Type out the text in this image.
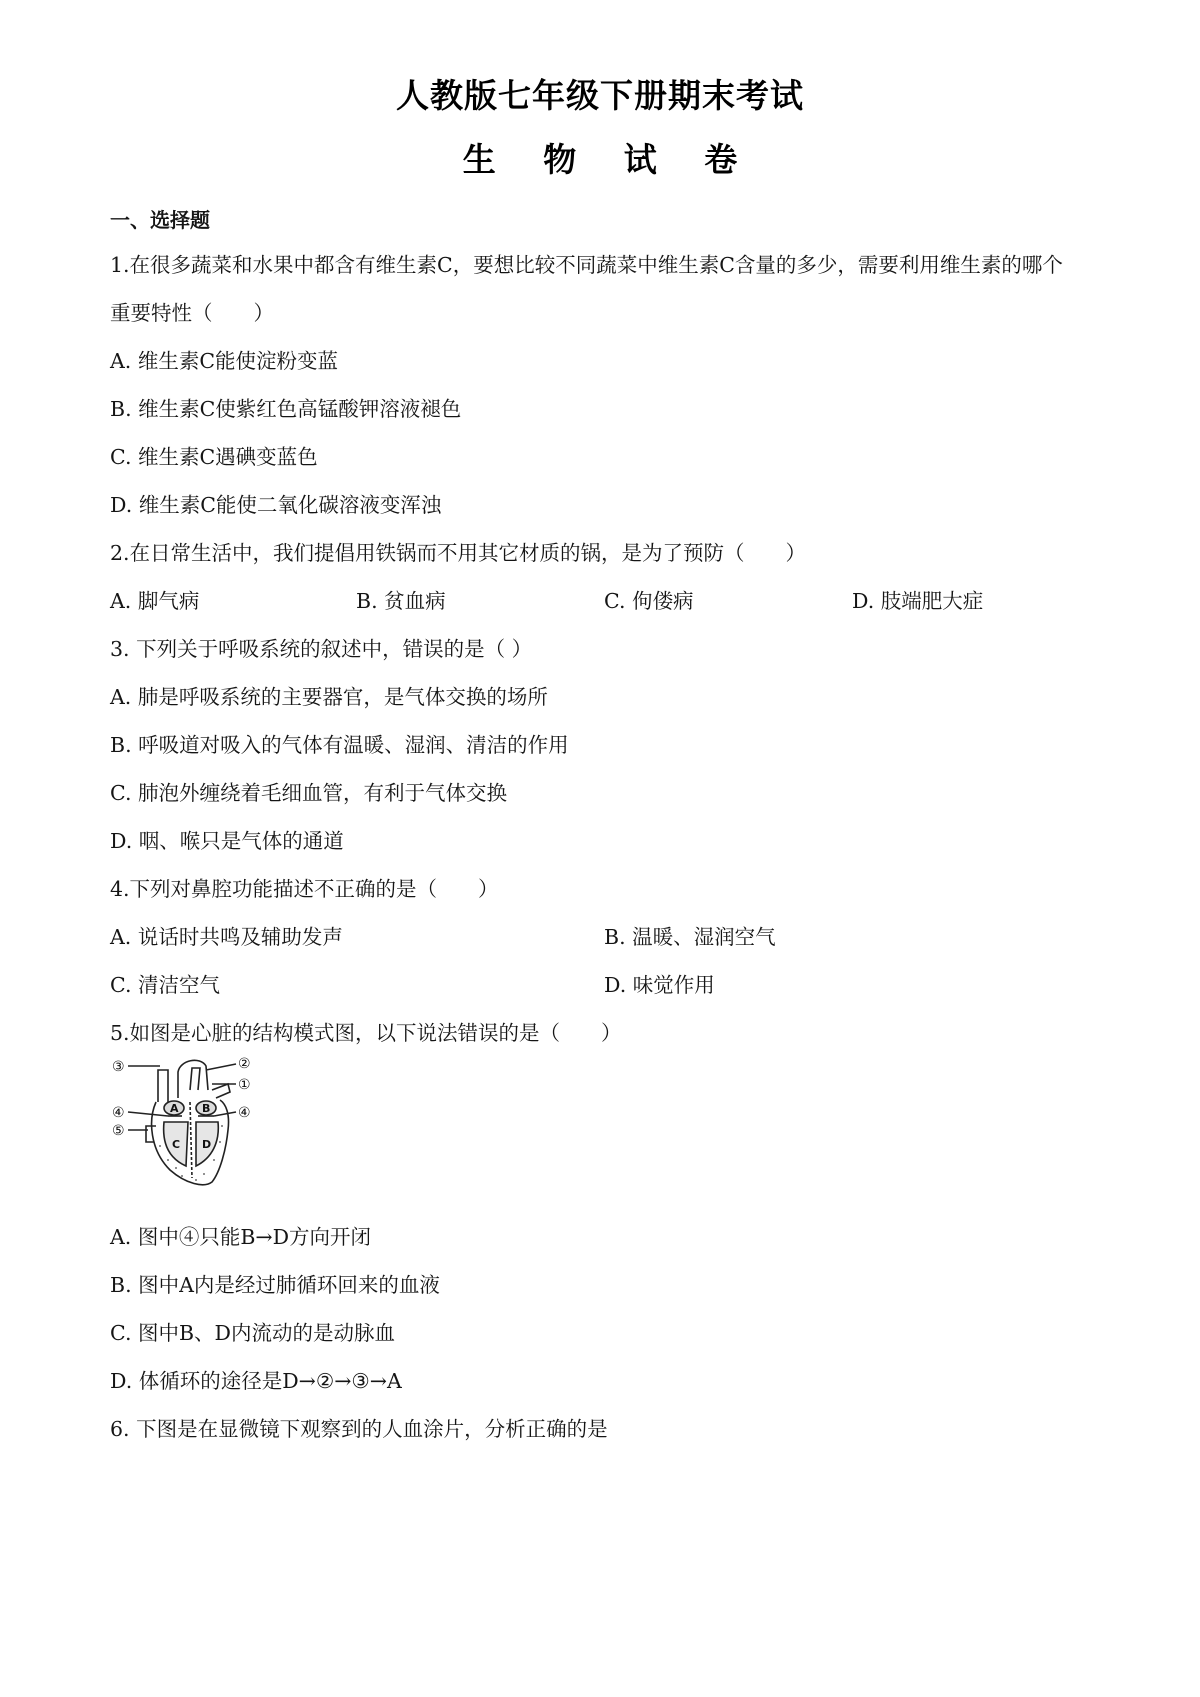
人教版七年级下册期末考试
生 物 试 卷
一、选择题
1.在很多蔬菜和水果中都含有维生素C，要想比较不同蔬菜中维生素C含量的多少，需要利用维生素的哪个
重要特性（　　）
A. 维生素C能使淀粉变蓝
B. 维生素C使紫红色高锰酸钾溶液褪色
C. 维生素C遇碘变蓝色
D. 维生素C能使二氧化碳溶液变浑浊
2.在日常生活中，我们提倡用铁锅而不用其它材质的锅，是为了预防（　　）
A. 脚气病	B. 贫血病	C. 佝偻病	D. 肢端肥大症
3. 下列关于呼吸系统的叙述中，错误的是（ ）
A. 肺是呼吸系统的主要器官，是气体交换的场所
B. 呼吸道对吸入的气体有温暖、湿润、清洁的作用
C. 肺泡外缠绕着毛细血管，有利于气体交换
D. 咽、喉只是气体的通道
4.下列对鼻腔功能描述不正确的是（　　）
A. 说话时共鸣及辅助发声	B. 温暖、湿润空气
C. 清洁空气	D. 味觉作用
5.如图是心脏的结构模式图，以下说法错误的是（　　）
③	②
①
④	④
⑤
A B
C D
A. 图中④只能B→D方向开闭
B. 图中A内是经过肺循环回来的血液
C. 图中B、D内流动的是动脉血
D. 体循环的途径是D→②→③→A
6. 下图是在显微镜下观察到的人血涂片，分析正确的是
